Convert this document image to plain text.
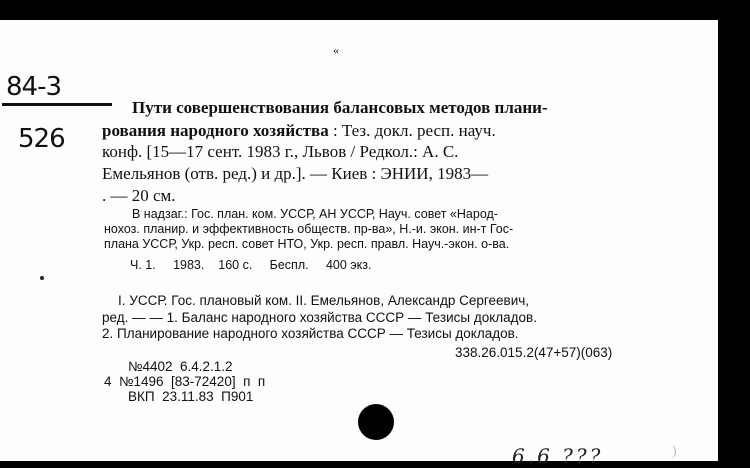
«
84-3
526
Пути совершенствования балансовых методов плани-
рования народного хозяйства : Тез. докл. респ. науч.
конф. [15—17 сент. 1983 г., Львов / Редкол.: А. С.
Емельянов (отв. ред.) и др.]. — Киев : ЭНИИ, 1983—
. — 20 см.
В надзаг.: Гос. план. ком. УССР, АН УССР, Науч. совет «Народ-
нохоз. планир. и эффективность обществ. пр-ва», Н.-и. экон. ин-т Гос-
плана УССР, Укр. респ. совет НТО, Укр. респ. правл. Науч.-экон. о-ва.
Ч. 1.     1983.    160 с.     Беспл.     400 экз.
I. УССР. Гос. плановый ком. II. Емельянов, Александр Сергеевич,
ред. — — 1. Баланс народного хозяйства СССР — Тезисы докладов.
2. Планирование народного хозяйства СССР — Тезисы докладов.
338.26.015.2(47+57)(063)
№4402  6.4.2.1.2
4  №1496  [83-72420]  п  п
ВКП  23.11.83  П901
6.6 ???	)
